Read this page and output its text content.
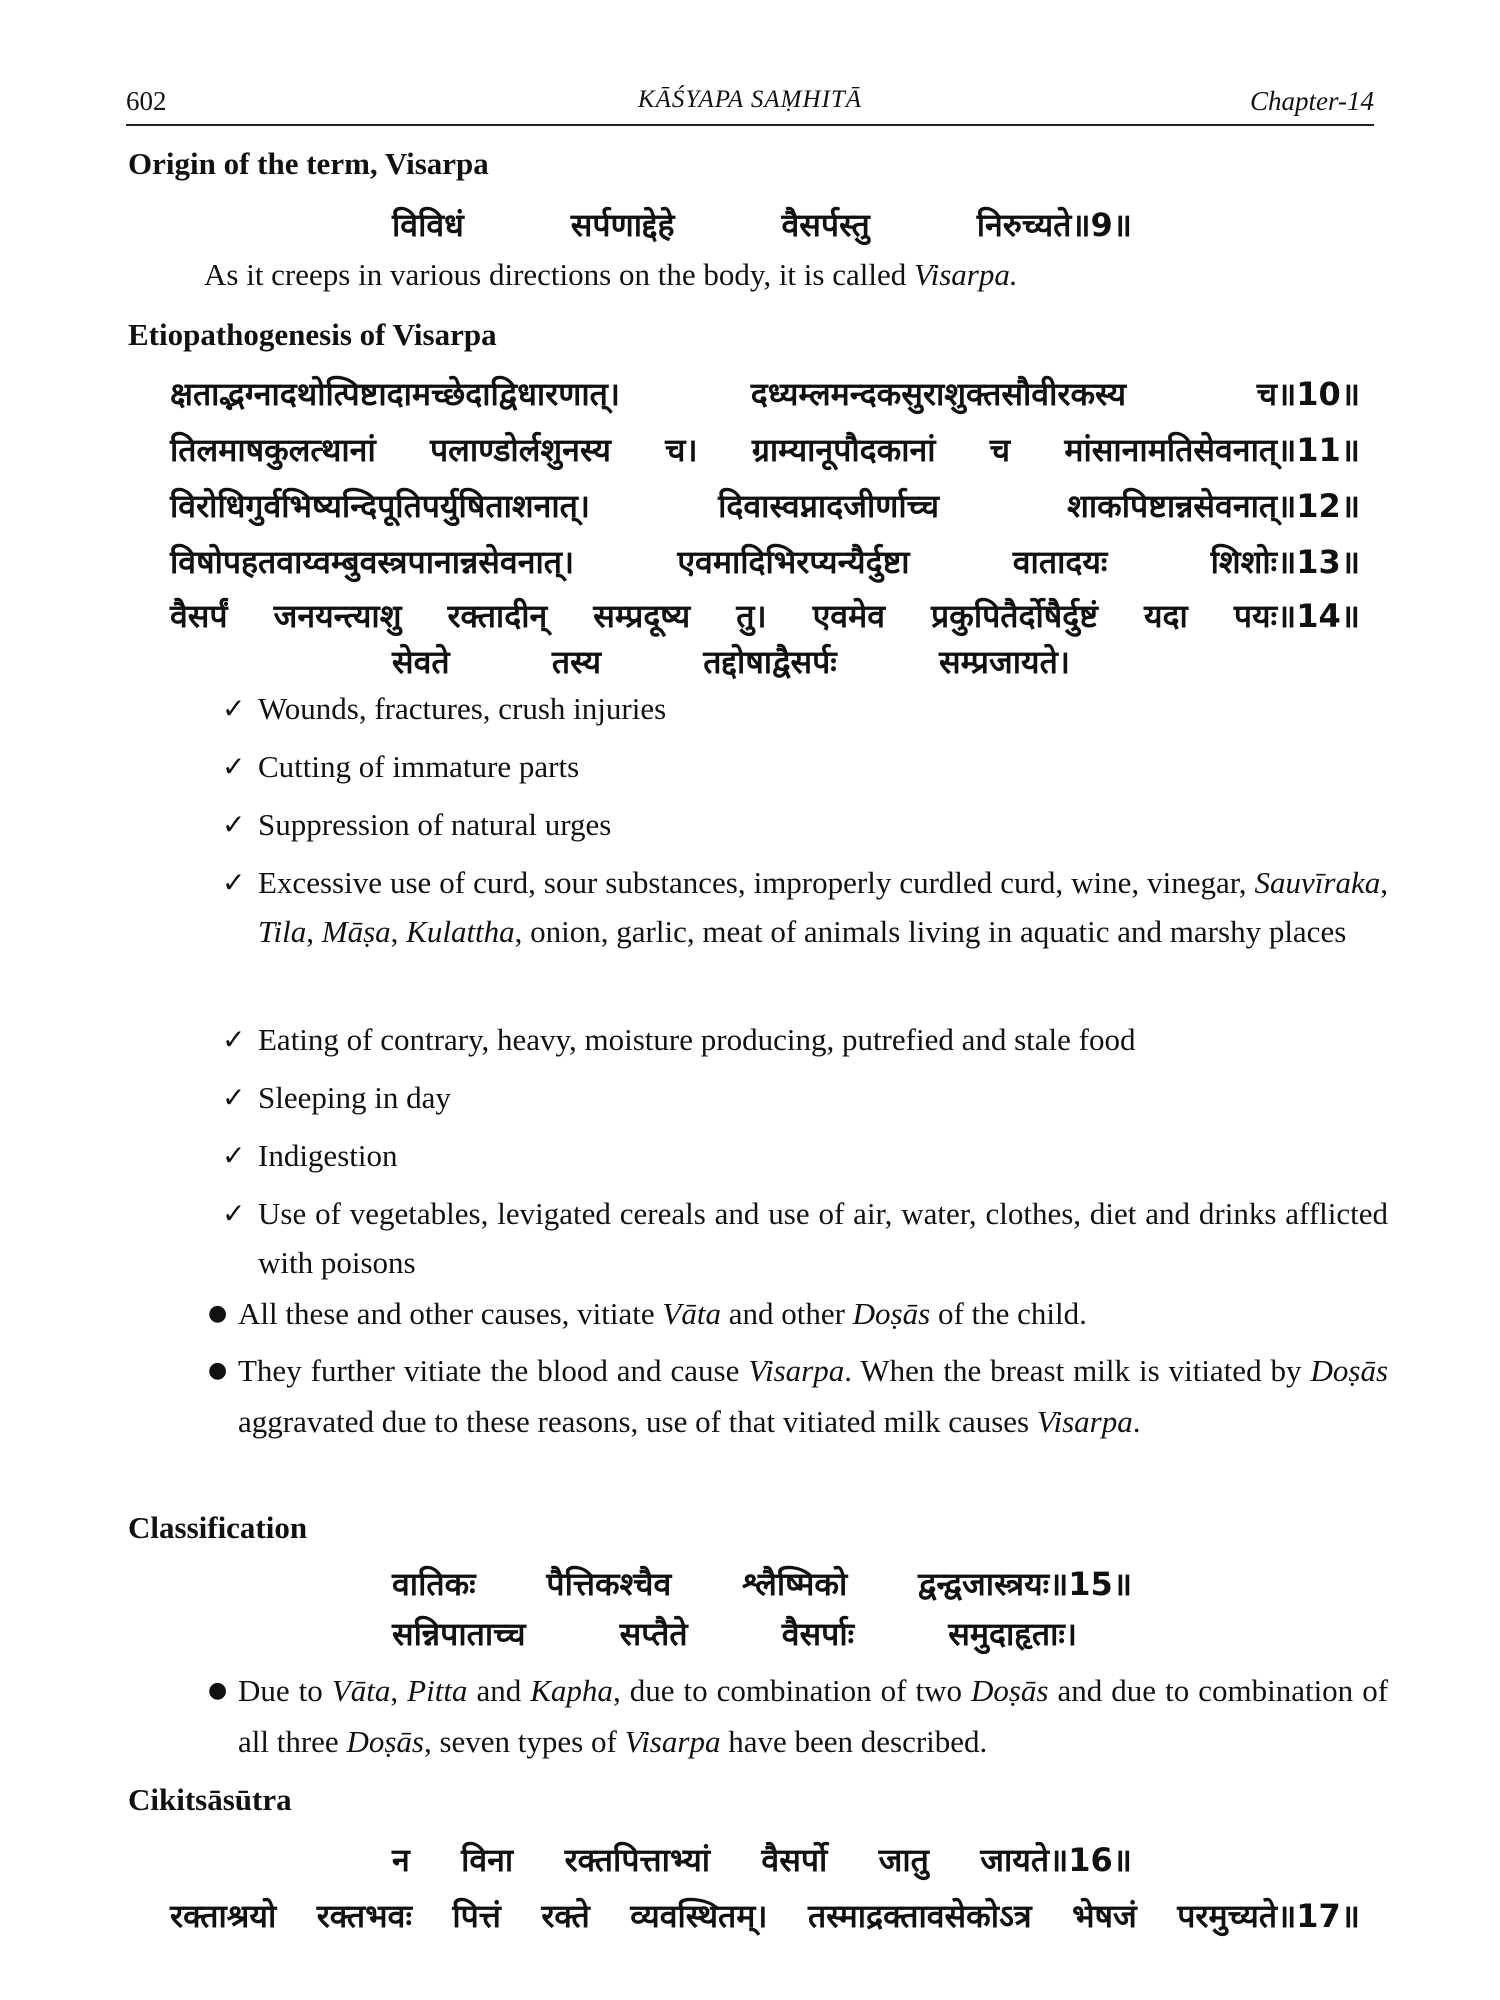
602	KĀŚYAPA SAṂHITĀ	Chapter-14
Origin of the term, Visarpa
विविधं	सर्पणाद्देहे	वैसर्पस्तु	निरुच्यते॥9॥
As it creeps in various directions on the body, it is called Visarpa.
Etiopathogenesis of Visarpa
क्षताद्भग्नादथोत्पिष्टादामच्छेदाद्विधारणात्।	दध्यम्लमन्दकसुराशुक्तसौवीरकस्य	च॥10॥
तिलमाषकुलत्थानां पलाण्डोर्लशुनस्य च। ग्राम्यानूपौदकानां च मांसानामतिसेवनात्॥11॥
विरोधिगुर्वभिष्यन्दिपूतिपर्युषिताशनात्।	दिवास्वप्नादजीर्णाच्च	शाकपिष्टान्नसेवनात्॥12॥
विषोपहतवाय्वम्बुवस्त्रपानान्नसेवनात्।	एवमादिभिरप्यन्यैर्दुष्टा	वातादयः	शिशोः॥13॥
वैसर्पं जनयन्त्याशु रक्तादीन् सम्प्रदूष्य तु। एवमेव प्रकुपितैर्दोषैर्दुष्टं यदा पयः॥14॥
सेवते	तस्य	तद्दोषाद्वैसर्पः	सम्प्रजायते।
✓ Wounds, fractures, crush injuries
✓ Cutting of immature parts
✓ Suppression of natural urges
✓ Excessive use of curd, sour substances, improperly curdled curd, wine, vinegar, Sauvīraka, Tila, Māṣa, Kulattha, onion, garlic, meat of animals living in aquatic and marshy places
✓ Eating of contrary, heavy, moisture producing, putrefied and stale food
✓ Sleeping in day
✓ Indigestion
✓ Use of vegetables, levigated cereals and use of air, water, clothes, diet and drinks afflicted with poisons
● All these and other causes, vitiate Vāta and other Doṣās of the child.
● They further vitiate the blood and cause Visarpa. When the breast milk is vitiated by Doṣās aggravated due to these reasons, use of that vitiated milk causes Visarpa.
Classification
वातिकः पैत्तिकश्चैव श्लैष्मिको द्वन्द्वजास्त्रयः॥15॥
सन्निपाताच्च	सप्तैते	वैसर्पाः	समुदाहृताः।
● Due to Vāta, Pitta and Kapha, due to combination of two Doṣās and due to combination of all three Doṣās, seven types of Visarpa have been described.
Cikitsāsūtra
न विना रक्तपित्ताभ्यां वैसर्पो जातु जायते॥16॥
रक्ताश्रयो रक्तभवः पित्तं रक्ते व्यवस्थितम्। तस्माद्रक्तावसेकोऽत्र भेषजं परमुच्यते॥17॥
